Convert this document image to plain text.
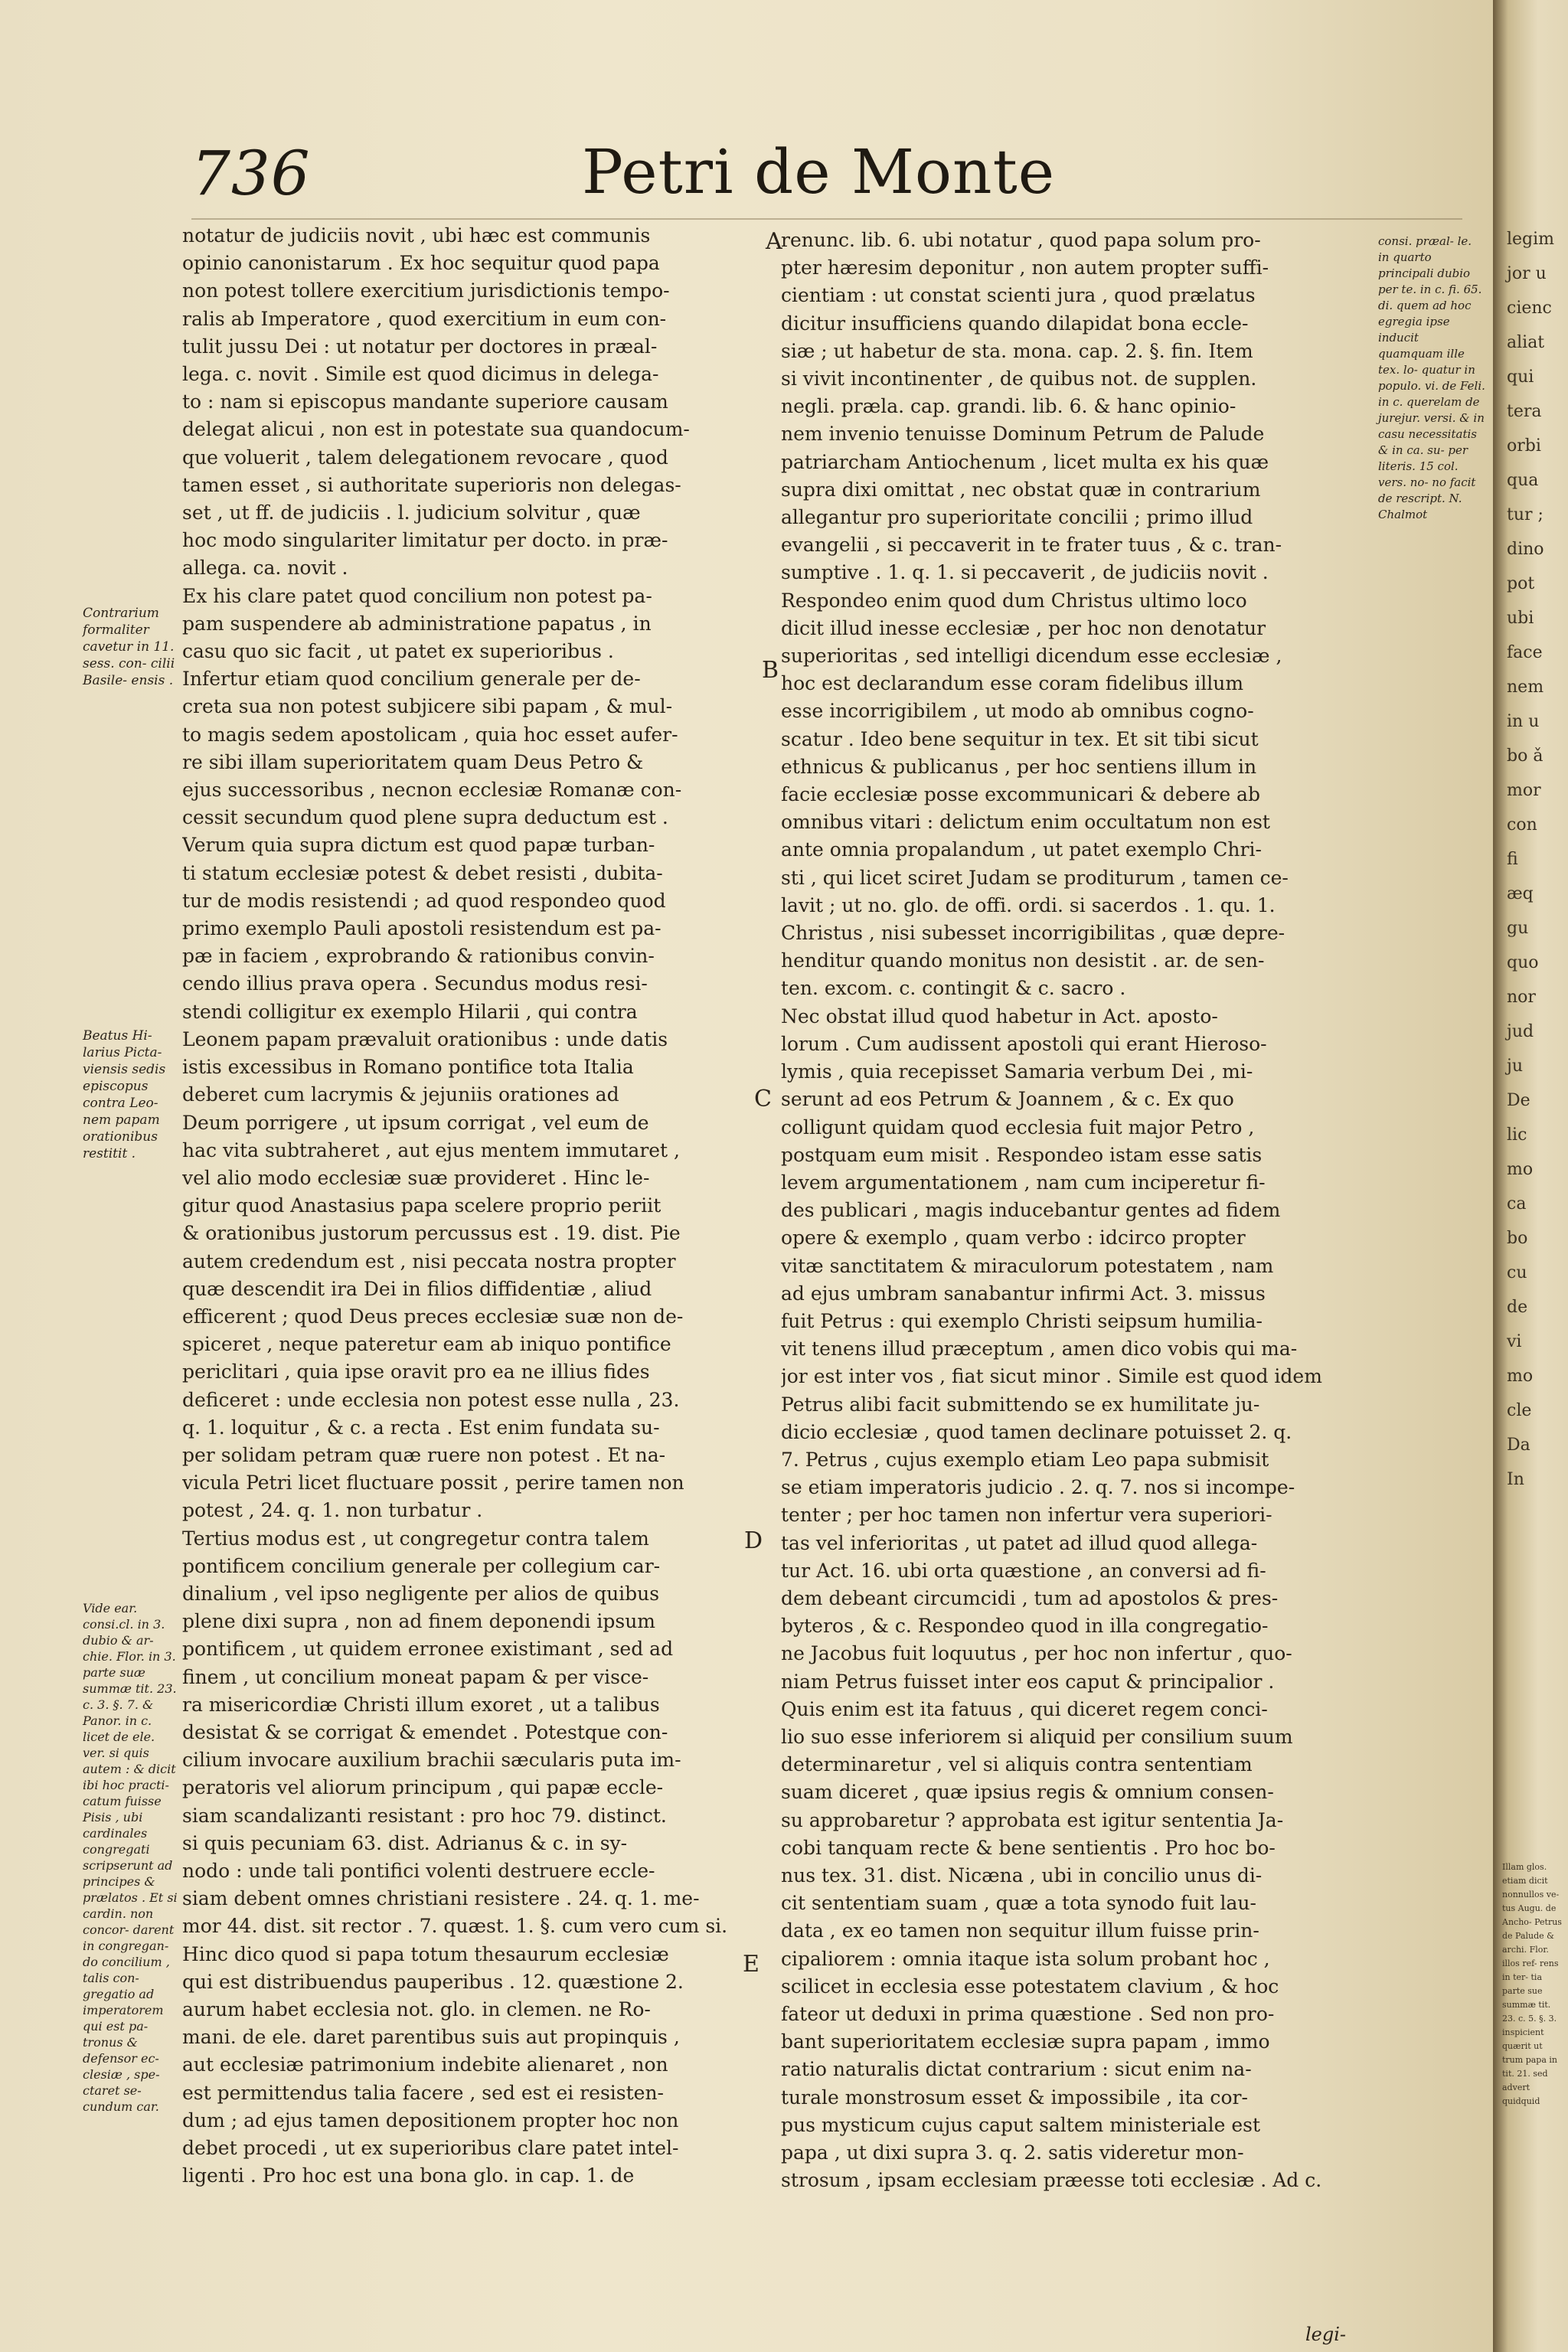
736	Petri de Monte
notatur de judiciis novit , ubi hæc est communis
opinio canonistarum . Ex hoc sequitur quod papa
non potest tollere exercitium jurisdictionis tempo-
ralis ab Imperatore , quod exercitium in eum con-
tulit jussu Dei : ut notatur per doctores in præal-
lega. c. novit . Simile est quod dicimus in delega-
to : nam si episcopus mandante superiore causam
delegat alicui , non est in potestate sua quandocum-
que voluerit , talem delegationem revocare , quod
tamen esset , si authoritate superioris non delegas-
set , ut ff. de judiciis . l. judicium solvitur , quæ
hoc modo singulariter limitatur per docto. in præ-
allega. ca. novit .
Ex his clare patet quod concilium non potest pa-
pam suspendere ab administratione papatus , in
casu quo sic facit , ut patet ex superioribus .
Infertur etiam quod concilium generale per de-
creta sua non potest subjicere sibi papam , & mul-
to magis sedem apostolicam , quia hoc esset aufer-
re sibi illam superioritatem quam Deus Petro &
ejus successoribus , necnon ecclesiæ Romanæ con-
cessit secundum quod plene supra deductum est .
Verum quia supra dictum est quod papæ turban-
ti statum ecclesiæ potest & debet resisti , dubita-
tur de modis resistendi ; ad quod respondeo quod
primo exemplo Pauli apostoli resistendum est pa-
pæ in faciem , exprobrando & rationibus convin-
cendo illius prava opera . Secundus modus resi-
stendi colligitur ex exemplo Hilarii , qui contra
Leonem papam prævaluit orationibus : unde datis
istis excessibus in Romano pontifice tota Italia
deberet cum lacrymis & jejuniis orationes ad
Deum porrigere , ut ipsum corrigat , vel eum de
hac vita subtraheret , aut ejus mentem immutaret ,
vel alio modo ecclesiæ suæ provideret . Hinc le-
gitur quod Anastasius papa scelere proprio periit
& orationibus justorum percussus est . 19. dist. Pie
autem credendum est , nisi peccata nostra propter
quæ descendit ira Dei in filios diffidentiæ , aliud
efficerent ; quod Deus preces ecclesiæ suæ non de-
spiceret , neque pateretur eam ab iniquo pontifice
periclitari , quia ipse oravit pro ea ne illius fides
deficeret : unde ecclesia non potest esse nulla , 23.
q. 1. loquitur , & c. a recta . Est enim fundata su-
per solidam petram quæ ruere non potest . Et na-
vicula Petri licet fluctuare possit , perire tamen non
potest , 24. q. 1. non turbatur .
Tertius modus est , ut congregetur contra talem
pontificem concilium generale per collegium car-
dinalium , vel ipso negligente per alios de quibus
plene dixi supra , non ad finem deponendi ipsum
pontificem , ut quidem erronee existimant , sed ad
finem , ut concilium moneat papam & per visce-
ra misericordiæ Christi illum exoret , ut a talibus
desistat & se corrigat & emendet . Potestque con-
cilium invocare auxilium brachii sæcularis puta im-
peratoris vel aliorum principum , qui papæ eccle-
siam scandalizanti resistant : pro hoc 79. distinct.
si quis pecuniam 63. dist. Adrianus & c. in sy-
nodo : unde tali pontifici volenti destruere eccle-
siam debent omnes christiani resistere . 24. q. 1. me-
mor 44. dist. sit rector . 7. quæst. 1. §. cum vero cum si.
Hinc dico quod si papa totum thesaurum ecclesiæ
qui est distribuendus pauperibus . 12. quæstione 2.
aurum habet ecclesia not. glo. in clemen. ne Ro-
mani. de ele. daret parentibus suis aut propinquis ,
aut ecclesiæ patrimonium indebite alienaret , non
est permittendus talia facere , sed est ei resisten-
dum ; ad ejus tamen depositionem propter hoc non
debet procedi , ut ex superioribus clare patet intel-
ligenti . Pro hoc est una bona glo. in cap. 1. de
renunc. lib. 6. ubi notatur , quod papa solum pro-
pter hæresim deponitur , non autem propter suffi-
cientiam : ut constat scienti jura , quod prælatus
dicitur insufficiens quando dilapidat bona eccle-
siæ ; ut habetur de sta. mona. cap. 2. §. fin. Item
si vivit incontinenter , de quibus not. de supplen.
negli. præla. cap. grandi. lib. 6. & hanc opinio-
nem invenio tenuisse Dominum Petrum de Palude
patriarcham Antiochenum , licet multa ex his quæ
supra dixi omittat , nec obstat quæ in contrarium
allegantur pro superioritate concilii ; primo illud
evangelii , si peccaverit in te frater tuus , & c. tran-
sumptive . 1. q. 1. si peccaverit , de judiciis novit .
Respondeo enim quod dum Christus ultimo loco
dicit illud inesse ecclesiæ , per hoc non denotatur
superioritas , sed intelligi dicendum esse ecclesiæ ,
hoc est declarandum esse coram fidelibus illum
esse incorrigibilem , ut modo ab omnibus cogno-
scatur . Ideo bene sequitur in tex. Et sit tibi sicut
ethnicus & publicanus , per hoc sentiens illum in
facie ecclesiæ posse excommunicari & debere ab
omnibus vitari : delictum enim occultatum non est
ante omnia propalandum , ut patet exemplo Chri-
sti , qui licet sciret Judam se proditurum , tamen ce-
lavit ; ut no. glo. de offi. ordi. si sacerdos . 1. qu. 1.
Christus , nisi subesset incorrigibilitas , quæ depre-
henditur quando monitus non desistit . ar. de sen-
ten. excom. c. contingit & c. sacro .
Nec obstat illud quod habetur in Act. aposto-
lorum . Cum audissent apostoli qui erant Hieroso-
lymis , quia recepisset Samaria verbum Dei , mi-
serunt ad eos Petrum & Joannem , & c. Ex quo
colligunt quidam quod ecclesia fuit major Petro ,
postquam eum misit . Respondeo istam esse satis
levem argumentationem , nam cum inciperetur fi-
des publicari , magis inducebantur gentes ad fidem
opere & exemplo , quam verbo : idcirco propter
vitæ sanctitatem & miraculorum potestatem , nam
ad ejus umbram sanabantur infirmi Act. 3. missus
fuit Petrus : qui exemplo Christi seipsum humilia-
vit tenens illud præceptum , amen dico vobis qui ma-
jor est inter vos , fiat sicut minor . Simile est quod idem
Petrus alibi facit submittendo se ex humilitate ju-
dicio ecclesiæ , quod tamen declinare potuisset 2. q.
7. Petrus , cujus exemplo etiam Leo papa submisit
se etiam imperatoris judicio . 2. q. 7. nos si incompe-
tenter ; per hoc tamen non infertur vera superiori-
tas vel inferioritas , ut patet ad illud quod allega-
tur Act. 16. ubi orta quæstione , an conversi ad fi-
dem debeant circumcidi , tum ad apostolos & pres-
byteros , & c. Respondeo quod in illa congregatio-
ne Jacobus fuit loquutus , per hoc non infertur , quo-
niam Petrus fuisset inter eos caput & principalior .
Quis enim est ita fatuus , qui diceret regem conci-
lio suo esse inferiorem si aliquid per consilium suum
determinaretur , vel si aliquis contra sententiam
suam diceret , quæ ipsius regis & omnium consen-
su approbaretur ? approbata est igitur sententia Ja-
cobi tanquam recte & bene sentientis . Pro hoc bo-
nus tex. 31. dist. Nicæna , ubi in concilio unus di-
cit sententiam suam , quæ a tota synodo fuit lau-
data , ex eo tamen non sequitur illum fuisse prin-
cipaliorem : omnia itaque ista solum probant hoc ,
scilicet in ecclesia esse potestatem clavium , & hoc
fateor ut deduxi in prima quæstione . Sed non pro-
bant superioritatem ecclesiæ supra papam , immo
ratio naturalis dictat contrarium : sicut enim na-
turale monstrosum esset & impossibile , ita cor-
pus mysticum cujus caput saltem ministeriale est
papa , ut dixi supra 3. q. 2. satis videretur mon-
strosum , ipsam ecclesiam præesse toti ecclesiæ . Ad c.
A
B
C
D
E
Contrarium formaliter cavetur in 11. sess. con- cilii Basile- ensis .
Beatus Hi- larius Picta- viensis sedis episcopus contra Leo- nem papam orationibus restitit .
Vide ear. consi.cl. in 3. dubio & ar- chie. Flor. in 3. parte suæ summæ tit. 23. c. 3. §. 7. & Panor. in c. licet de ele. ver. si quis autem : & dicit ibi hoc practi- catum fuisse Pisis , ubi cardinales congregati scripserunt ad principes & prælatos . Et si cardin. non concor- darent in congregan- do concilium , talis con- gregatio ad imperatorem qui est pa- tronus & defensor ec- clesiæ , spe- ctaret se- cundum car.
consi. præal- le. in quarto principali dubio per te. in c. fi. 65. di. quem ad hoc egregia ipse inducit quamquam ille tex. lo- quatur in populo. vi. de Feli. in c. querelam de jurejur. versi. & in casu necessitatis & in ca. su- per literis. 15 col. vers. no- no facit de rescript. N. Chalmot
legi-
legim
jor u
cienc
aliat
qui
tera
orbi
qua
tur ;
dino
pot
ubi
face
nem
in u
bo ǎ
mor
con
fi
æq
gu
quo
nor
jud
ju
De
lic
mo
ca
bo
cu
de
vi
mo
cle
Da
In
Illam glos. etiam dicit nonnullos ve- tus Augu. de Ancho- Petrus de Palude & archi. Flor. illos ref- rens in ter- tia parte sue summæ tit. 23. c. 5. §. 3. inspicient quærit ut trum papa in tit. 21. sed advert quidquid
